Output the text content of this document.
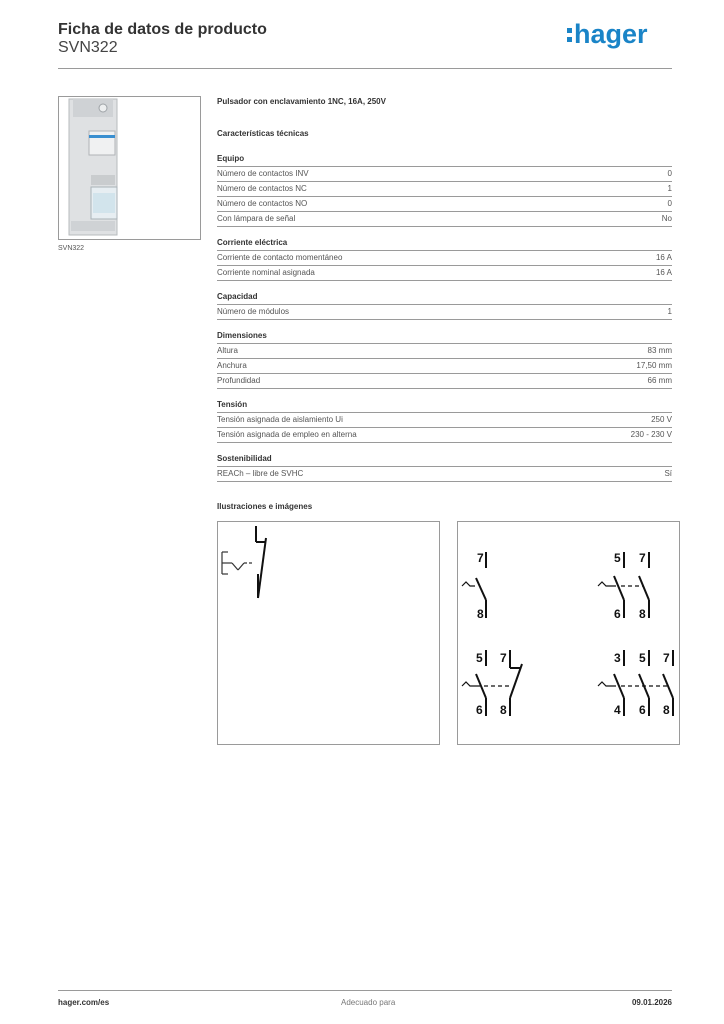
Ficha de datos de producto
SVN322	hager
SVN322
Pulsador con enclavamiento 1NC, 16A, 250V
Características técnicas
Equipo
Número de contactos INV	0
Número de contactos NC	1
Número de contactos NO	0
Con lámpara de señal	No
Corriente eléctrica
Corriente de contacto momentáneo	16 A
Corriente nominal asignada	16 A
Capacidad
Número de módulos	1
Dimensiones
Altura	83 mm
Anchura	17,50 mm
Profundidad	66 mm
Tensión
Tensión asignada de aislamiento Ui	250 V
Tensión asignada de empleo en alterna	230 - 230 V
Sostenibilidad
REACh – libre de SVHC	Sí
Ilustraciones e imágenes
7
8
5 7
6 8
5 7
6 8
3 5 7
4 6 8
hager.com/es	Adecuado para	09.01.2026
